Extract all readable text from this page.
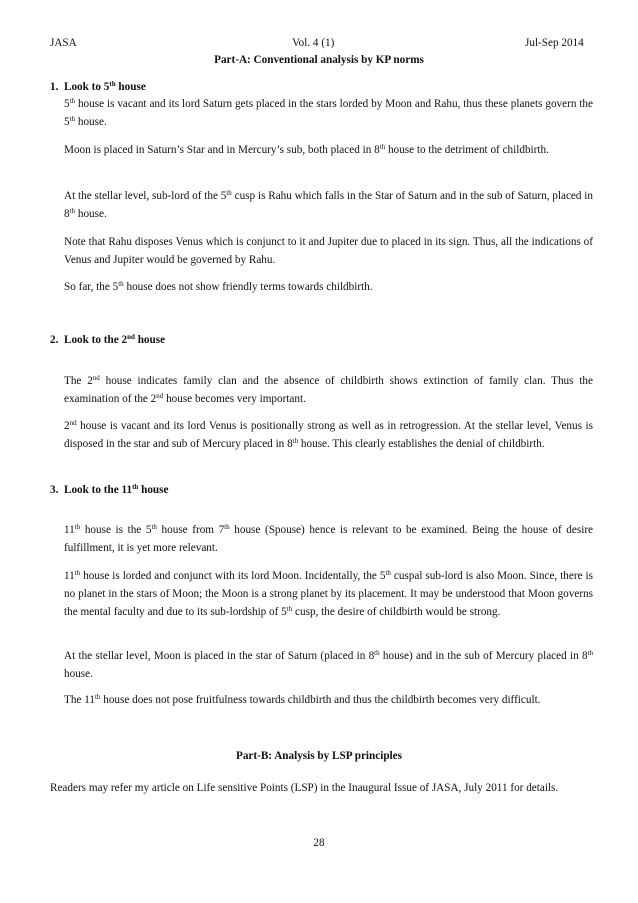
JASA	Vol. 4 (1)	Jul-Sep 2014
Part-A: Conventional analysis by KP norms
1. Look to 5th house
5th house is vacant and its lord Saturn gets placed in the stars lorded by Moon and Rahu, thus these planets govern the 5th house.
Moon is placed in Saturn’s Star and in Mercury’s sub, both placed in 8th house to the detriment of childbirth.
At the stellar level, sub-lord of the 5th cusp is Rahu which falls in the Star of Saturn and in the sub of Saturn, placed in 8th house.
Note that Rahu disposes Venus which is conjunct to it and Jupiter due to placed in its sign. Thus, all the indications of Venus and Jupiter would be governed by Rahu.
So far, the 5th house does not show friendly terms towards childbirth.
2. Look to the 2nd house
The 2nd house indicates family clan and the absence of childbirth shows extinction of family clan. Thus the examination of the 2nd house becomes very important.
2nd house is vacant and its lord Venus is positionally strong as well as in retrogression. At the stellar level, Venus is disposed in the star and sub of Mercury placed in 8th house. This clearly establishes the denial of childbirth.
3. Look to the 11th house
11th house is the 5th house from 7th house (Spouse) hence is relevant to be examined. Being the house of desire fulfillment, it is yet more relevant.
11th house is lorded and conjunct with its lord Moon. Incidentally, the 5th cuspal sub-lord is also Moon. Since, there is no planet in the stars of Moon; the Moon is a strong planet by its placement. It may be understood that Moon governs the mental faculty and due to its sub-lordship of 5th cusp, the desire of childbirth would be strong.
At the stellar level, Moon is placed in the star of Saturn (placed in 8th house) and in the sub of Mercury placed in 8th house.
The 11th house does not pose fruitfulness towards childbirth and thus the childbirth becomes very difficult.
Part-B: Analysis by LSP principles
Readers may refer my article on Life sensitive Points (LSP) in the Inaugural Issue of JASA, July 2011 for details.
28
